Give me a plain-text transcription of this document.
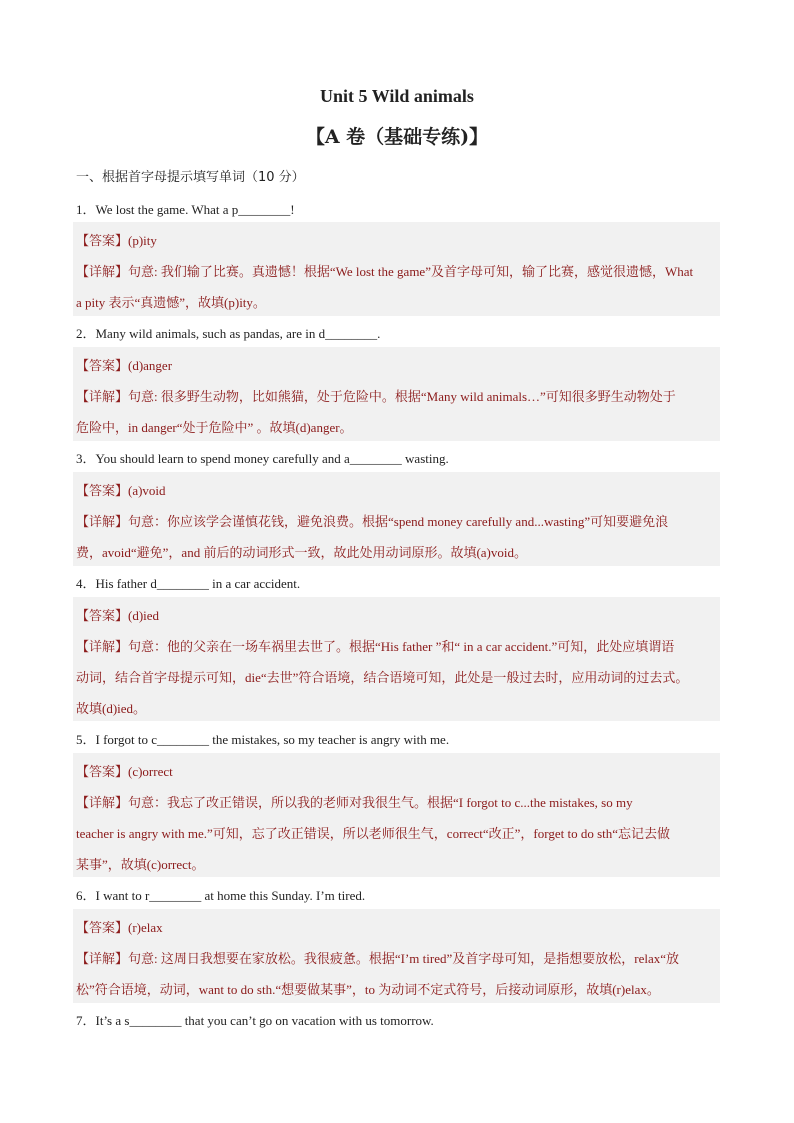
Unit 5 Wild animals
【A 卷（基础专练)】
一、根据首字母提示填写单词（10 分）
1．We lost the game. What a p________!
【答案】(p)ity
【详解】句意: 我们输了比赛。真遗憾！根据“We lost the game”及首字母可知，输了比赛，感觉很遗憾，What
a pity 表示“真遗憾”，故填(p)ity。
2．Many wild animals, such as pandas, are in d________.
【答案】(d)anger
【详解】句意: 很多野生动物，比如熊猫，处于危险中。根据“Many wild animals…”可知很多野生动物处于
危险中，in danger“处于危险中” 。故填(d)anger。
3．You should learn to spend money carefully and a________ wasting.
【答案】(a)void
【详解】句意：你应该学会谨慎花钱，避免浪费。根据“spend money carefully and...wasting”可知要避免浪
费，avoid“避免”，and 前后的动词形式一致，故此处用动词原形。故填(a)void。
4．His father d________ in a car accident.
【答案】(d)ied
【详解】句意：他的父亲在一场车祸里去世了。根据“His father ”和“ in a car accident.”可知，此处应填谓语
动词，结合首字母提示可知，die“去世”符合语境，结合语境可知，此处是一般过去时，应用动词的过去式。
故填(d)ied。
5．I forgot to c________ the mistakes, so my teacher is angry with me.
【答案】(c)orrect
【详解】句意：我忘了改正错误，所以我的老师对我很生气。根据“I forgot to c...the mistakes, so my
teacher is angry with me.”可知，忘了改正错误，所以老师很生气，correct“改正”，forget to do sth“忘记去做
某事”，故填(c)orrect。
6．I want to r________ at home this Sunday. I’m tired.
【答案】(r)elax
【详解】句意: 这周日我想要在家放松。我很疲惫。根据“I’m tired”及首字母可知，是指想要放松，relax“放
松”符合语境，动词，want to do sth.“想要做某事”，to 为动词不定式符号，后接动词原形，故填(r)elax。
7．It’s a s________ that you can’t go on vacation with us tomorrow.
